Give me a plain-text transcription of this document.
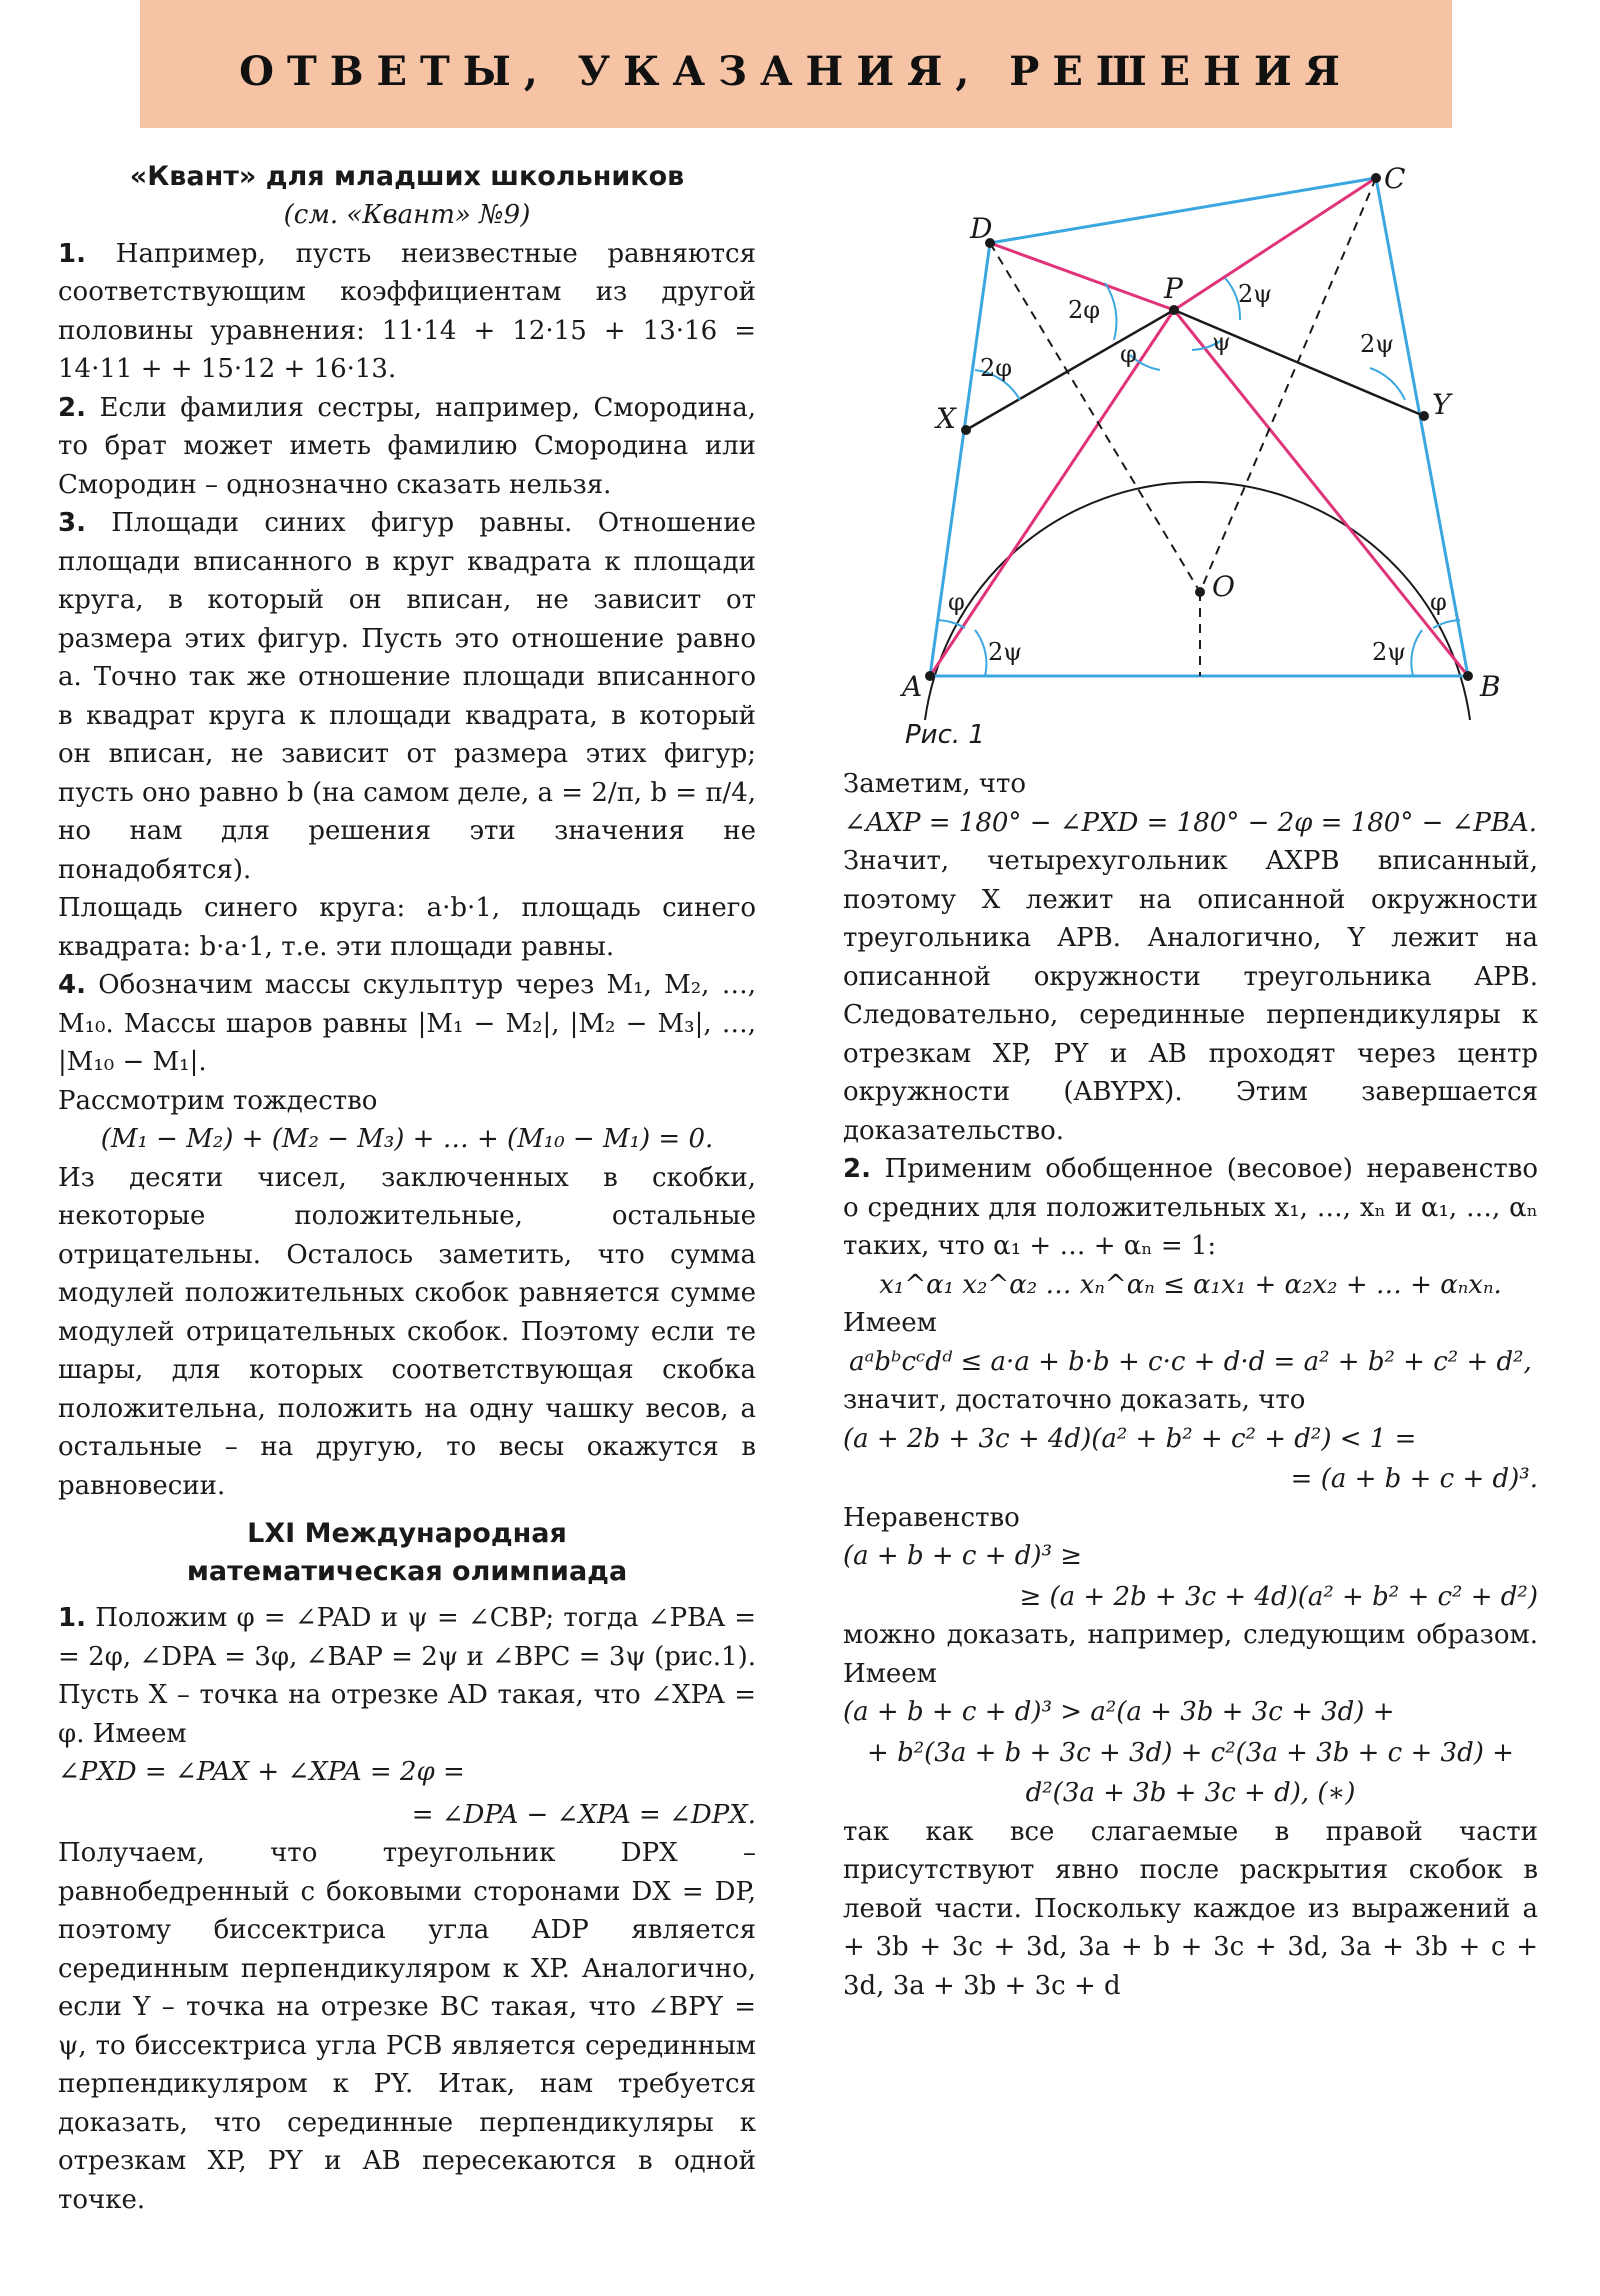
ОТВЕТЫ, УКАЗАНИЯ, РЕШЕНИЯ

«Квант» для младших школьников

(см. «Квант» №9)

1. Например, пусть неизвестные равняются соответствующим коэффициентам из другой половины уравнения: 11·14 + 12·15 + 13·16 = 14·11 + + 15·12 + 16·13.

2. Если фамилия сестры, например, Смородина, то брат может иметь фамилию Смородина или Смородин – однозначно сказать нельзя.

3. Площади синих фигур равны. Отношение площади вписанного в круг квадрата к площади круга, в который он вписан, не зависит от размера этих фигур. Пусть это отношение равно a. Точно так же отношение площади вписанного в квадрат круга к площади квадрата, в который он вписан, не зависит от размера этих фигур; пусть оно равно b (на самом деле, a = 2/π, b = π/4, но нам для решения эти значения не понадобятся).

Площадь синего круга: a·b·1, площадь синего квадрата: b·a·1, т.е. эти площади равны.

4. Обозначим массы скульптур через M₁, M₂, …, M₁₀. Массы шаров равны |M₁ − M₂|, |M₂ − M₃|, …, |M₁₀ − M₁|.

Рассмотрим тождество

(M₁ − M₂) + (M₂ − M₃) + … + (M₁₀ − M₁) = 0.

Из десяти чисел, заключенных в скобки, некоторые положительные, остальные отрицательны. Осталось заметить, что сумма модулей положительных скобок равняется сумме модулей отрицательных скобок. Поэтому если те шары, для которых соответствующая скобка положительна, положить на одну чашку весов, а остальные – на другую, то весы окажутся в равновесии.

LXI Международная

математическая олимпиада

1. Положим φ = ∠PAD и ψ = ∠CBP; тогда ∠PBA = = 2φ, ∠DPA = 3φ, ∠BAP = 2ψ и ∠BPC = 3ψ (рис.1). Пусть X – точка на отрезке AD такая, что ∠XPA = φ. Имеем

∠PXD = ∠PAX + ∠XPA = 2φ =

= ∠DPA − ∠XPA = ∠DPX.

Получаем, что треугольник DPX – равнобедренный с боковыми сторонами DX = DP, поэтому биссектриса угла ADP является серединным перпендикуляром к XP. Аналогично, если Y – точка на отрезке BC такая, что ∠BPY = ψ, то биссектриса угла PCB является серединным перпендикуляром к PY. Итак, нам требуется доказать, что серединные перпендикуляры к отрезкам XP, PY и AB пересекаются в одной точке.

A	B
C
D
P
X	Y
O
2φ
φ
2ψ
ψ
2φ
2ψ
φ
2ψ	2ψ
φ
Рис. 1

Заметим, что

∠AXP = 180° − ∠PXD = 180° − 2φ = 180° − ∠PBA.

Значит, четырехугольник AXPB вписанный, поэтому X лежит на описанной окружности треугольника APB. Аналогично, Y лежит на описанной окружности треугольника APB. Следовательно, серединные перпендикуляры к отрезкам XP, PY и AB проходят через центр окружности (ABYPX). Этим завершается доказательство.

2. Применим обобщенное (весовое) неравенство о средних для положительных x₁, …, xₙ и α₁, …, αₙ таких, что α₁ + … + αₙ = 1:

x₁^α₁ x₂^α₂ … xₙ^αₙ ≤ α₁x₁ + α₂x₂ + … + αₙxₙ.

Имеем

aᵃbᵇcᶜdᵈ ≤ a·a + b·b + c·c + d·d = a² + b² + c² + d²,

значит, достаточно доказать, что

(a + 2b + 3c + 4d)(a² + b² + c² + d²) < 1 =

= (a + b + c + d)³.

Неравенство

(a + b + c + d)³ ≥

≥ (a + 2b + 3c + 4d)(a² + b² + c² + d²)

можно доказать, например, следующим образом. Имеем

(a + b + c + d)³ > a²(a + 3b + 3c + 3d) +

+ b²(3a + b + 3c + 3d) + c²(3a + 3b + c + 3d) +

d²(3a + 3b + 3c + d), (∗)

так как все слагаемые в правой части присутствуют явно после раскрытия скобок в левой части. Поскольку каждое из выражений a + 3b + 3c + 3d, 3a + b + 3c + 3d, 3a + 3b + c + 3d, 3a + 3b + 3c + d
